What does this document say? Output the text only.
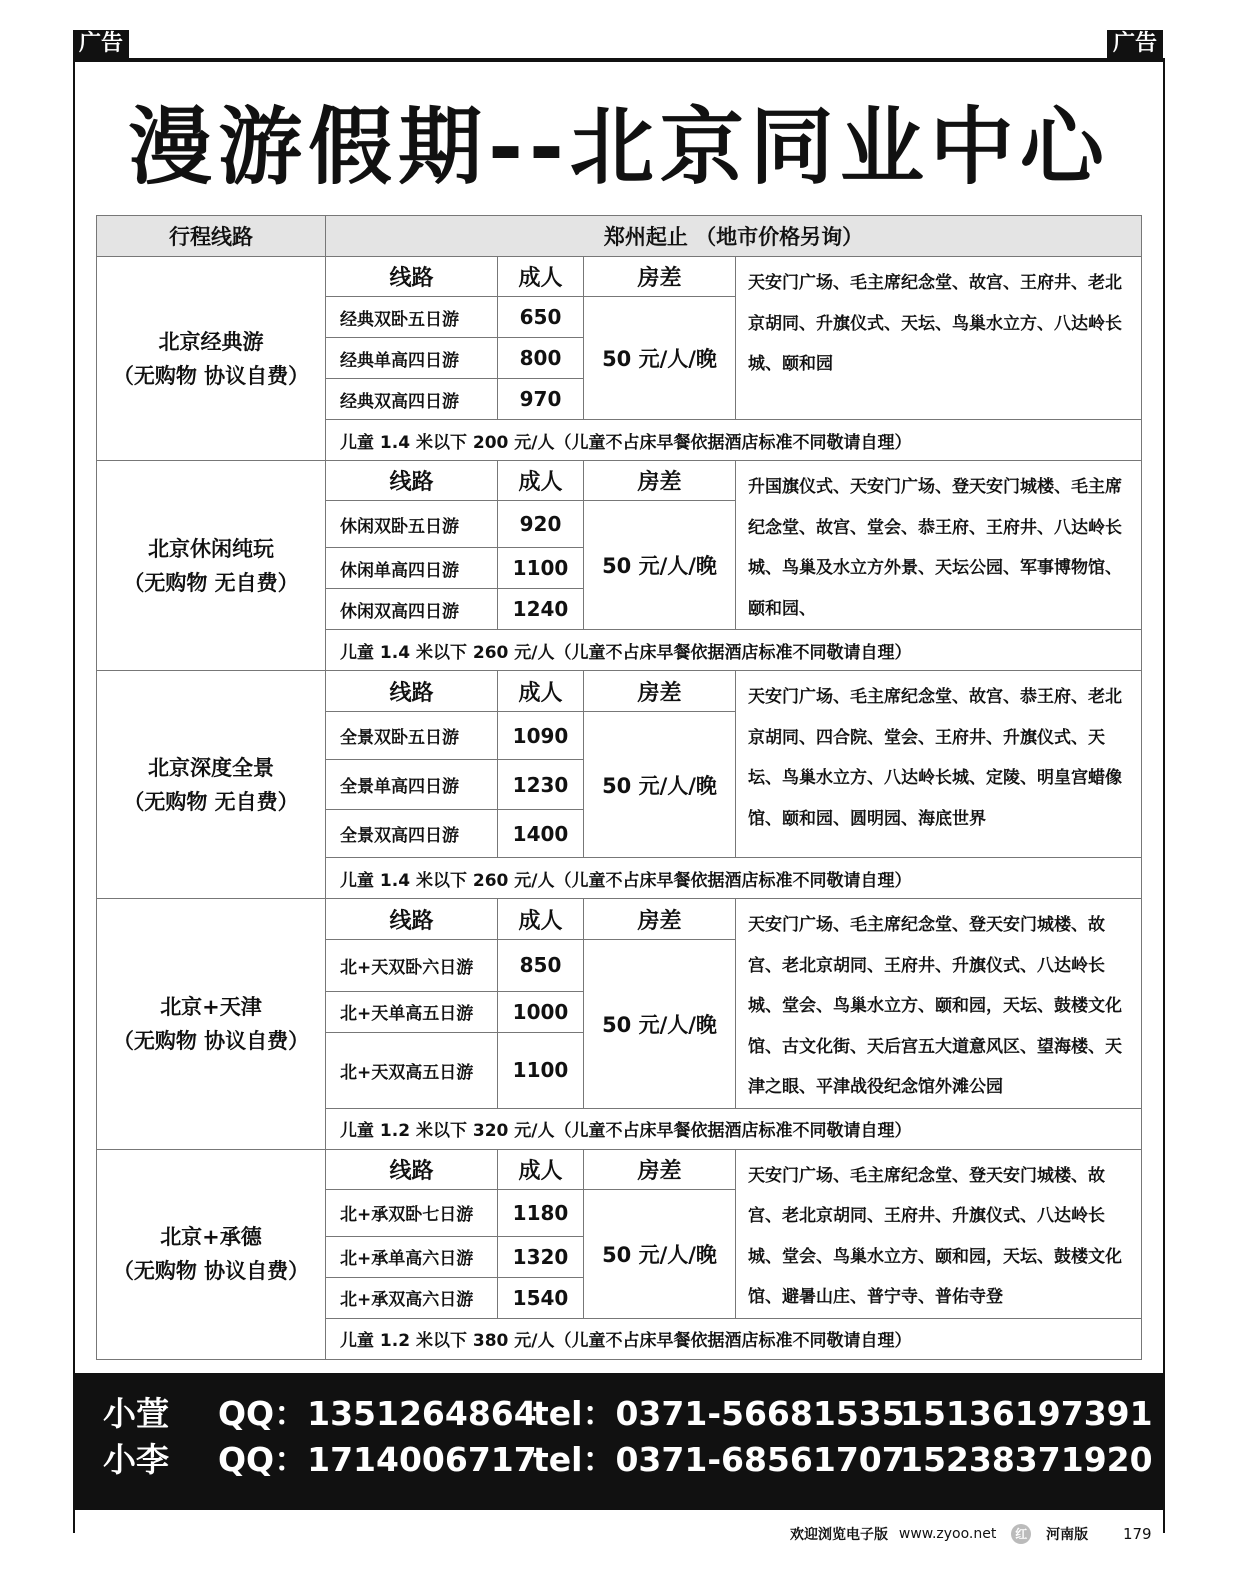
广告	广告
漫游假期--北京同业中心
行程线路	郑州起止 （地市价格另询）			

北京经典游
（无购物 协议自费）	线路	成人	房差	天安门广场、毛主席纪念堂、故宫、王府井、老北京胡同、升旗仪式、天坛、鸟巢水立方、八达岭长城、颐和园
	经典双卧五日游	650	50 元/人/晚	
	经典单高四日游	800		
	经典双高四日游	970		
	儿童 1.4 米以下 200 元/人（儿童不占床早餐依据酒店标准不同敬请自理）			

北京休闲纯玩
（无购物 无自费）	线路	成人	房差	升国旗仪式、天安门广场、登天安门城楼、毛主席纪念堂、故宫、堂会、恭王府、王府井、八达岭长城、鸟巢及水立方外景、天坛公园、军事博物馆、颐和园、
	休闲双卧五日游	920	50 元/人/晚	
	休闲单高四日游	1100		
	休闲双高四日游	1240		
	儿童 1.4 米以下 260 元/人（儿童不占床早餐依据酒店标准不同敬请自理）			

北京深度全景
（无购物 无自费）	线路	成人	房差	天安门广场、毛主席纪念堂、故宫、恭王府、老北京胡同、四合院、堂会、王府井、升旗仪式、天坛、鸟巢水立方、八达岭长城、定陵、明皇宫蜡像馆、颐和园、圆明园、海底世界
	全景双卧五日游	1090	50 元/人/晚	
	全景单高四日游	1230		
	全景双高四日游	1400		
	儿童 1.4 米以下 260 元/人（儿童不占床早餐依据酒店标准不同敬请自理）			

北京+天津
（无购物 协议自费）	线路	成人	房差	天安门广场、毛主席纪念堂、登天安门城楼、故宫、老北京胡同、王府井、升旗仪式、八达岭长城、堂会、鸟巢水立方、颐和园，天坛、鼓楼文化馆、古文化街、天后宫五大道意风区、望海楼、天津之眼、平津战役纪念馆外滩公园
	北+天双卧六日游	850	50 元/人/晚	
	北+天单高五日游	1000		
	北+天双高五日游	1100		
	儿童 1.2 米以下 320 元/人（儿童不占床早餐依据酒店标准不同敬请自理）			

北京+承德
（无购物 协议自费）	线路	成人	房差	天安门广场、毛主席纪念堂、登天安门城楼、故宫、老北京胡同、王府井、升旗仪式、八达岭长城、堂会、鸟巢水立方、颐和园，天坛、鼓楼文化馆、避暑山庄、普宁寺、普佑寺登
	北+承双卧七日游	1180	50 元/人/晚	
	北+承单高六日游	1320		
	北+承双高六日游	1540		
	儿童 1.2 米以下 380 元/人（儿童不占床早餐依据酒店标准不同敬请自理）			
小萱 QQ：1351264864
tel：0371-56681535
15136197391
小李 QQ：1714006717
tel：0371-68561707
15238371920
欢迎浏览电子版 www.zyoo.net 红 河南版 179
